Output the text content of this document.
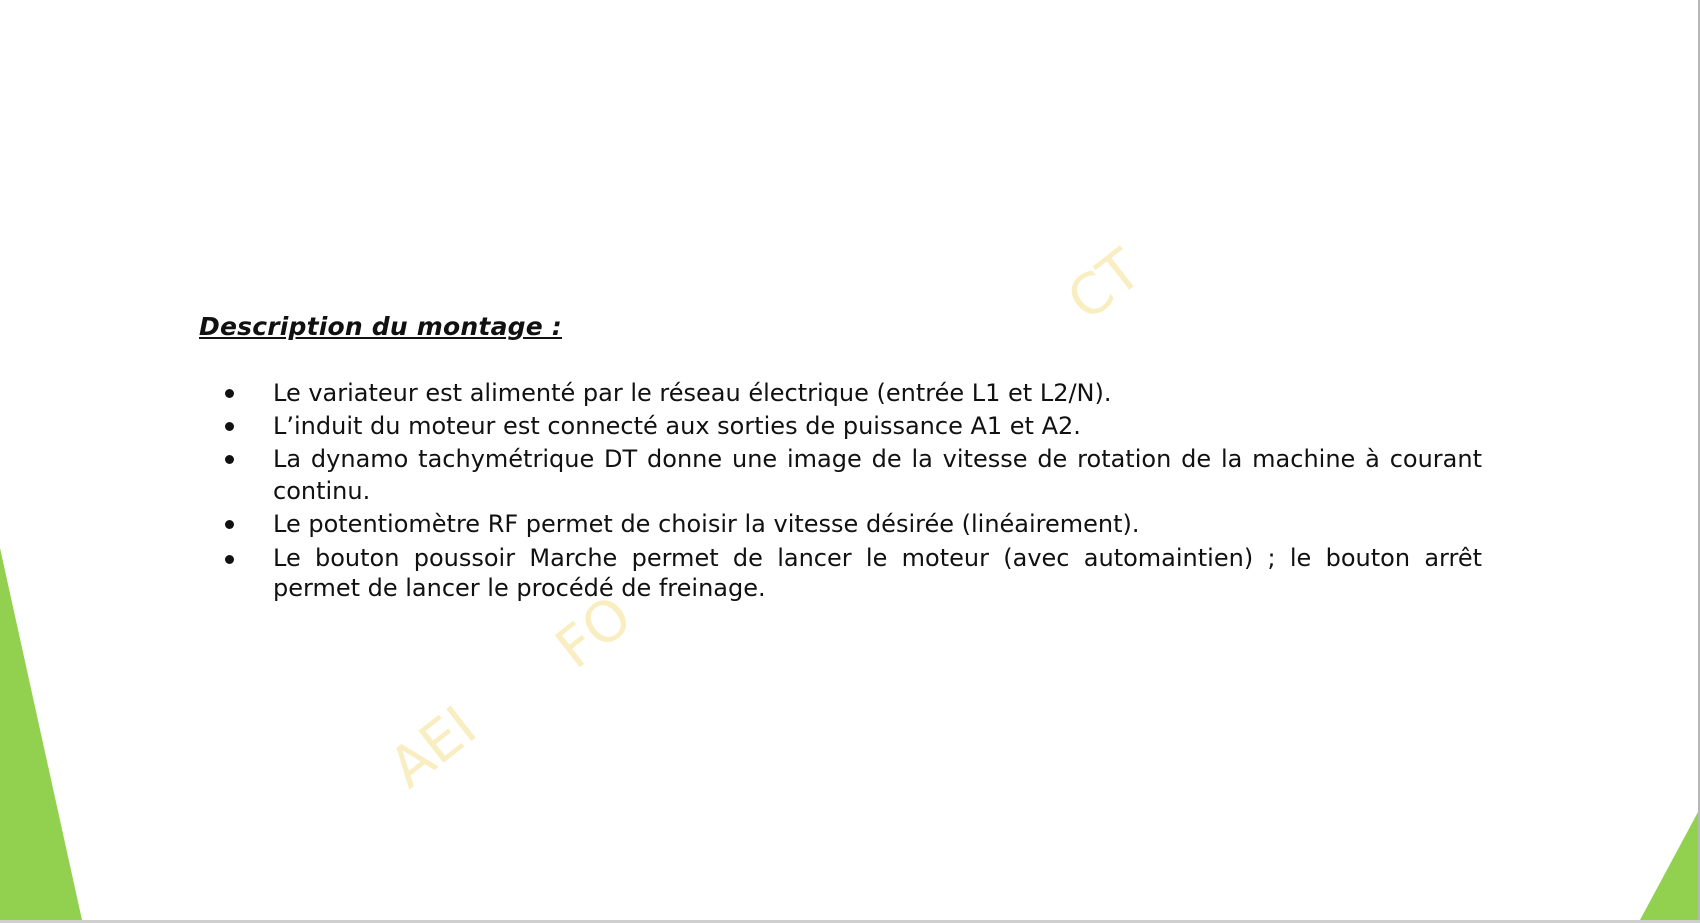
AEI
FO
CT
Description du montage :
Le variateur est alimenté par le réseau électrique (entrée L1 et L2/N).
L’induit du moteur est connecté aux sorties de puissance A1 et A2.
La dynamo tachymétrique DT donne une image de la vitesse de rotation de la machine à courant continu.
Le potentiomètre RF permet de choisir la vitesse désirée (linéairement).
Le bouton poussoir Marche permet de lancer le moteur (avec automaintien) ; le bouton arrêt permet de lancer le procédé de freinage.
